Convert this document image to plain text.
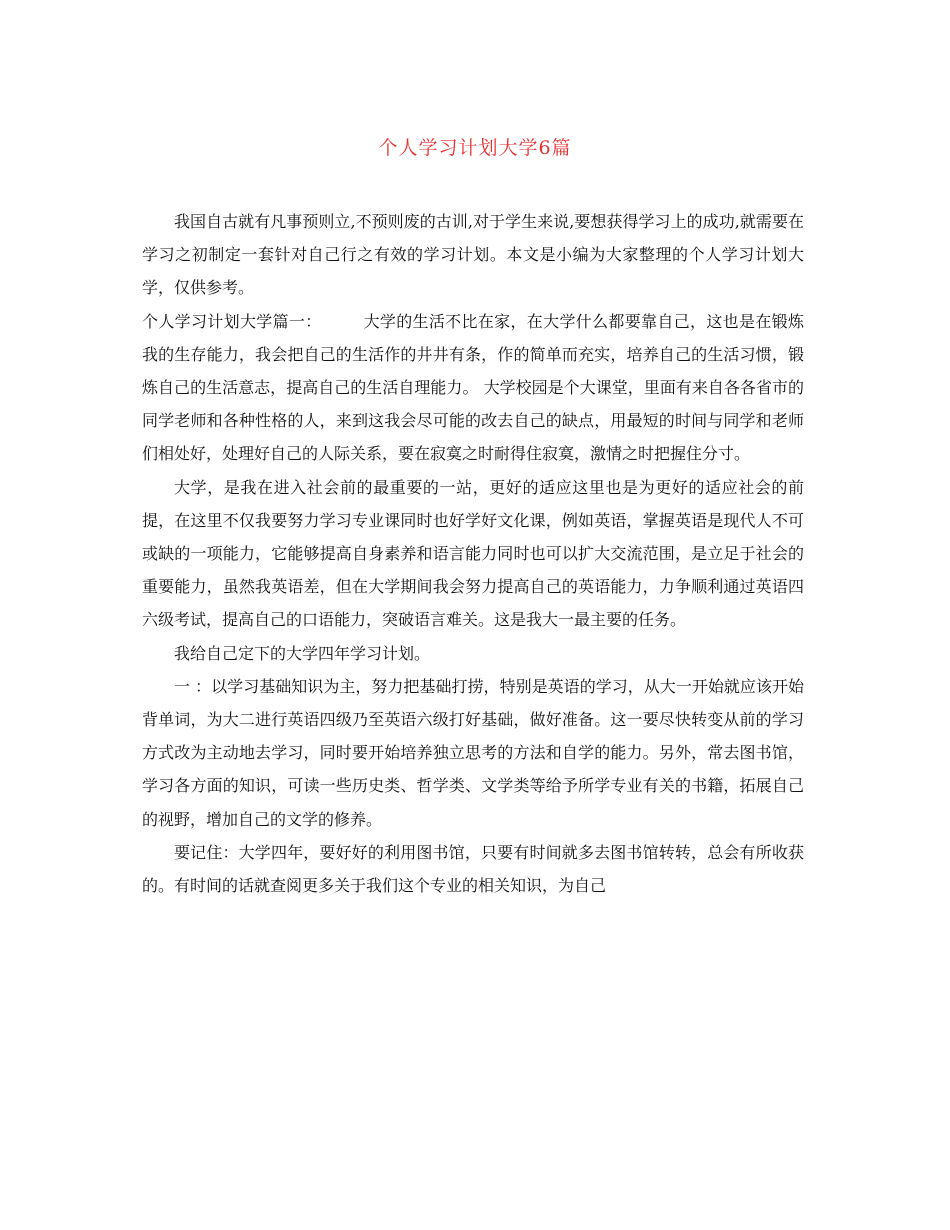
个人学习计划大学6篇

我国自古就有凡事预则立,不预则废的古训,对于学生来说,要想获得学习上的成功,就需要在学习之初制定一套针对自己行之有效的学习计划。本文是小编为大家整理的个人学习计划大学，仅供参考。

个人学习计划大学篇一：	大学的生活不比在家，在大学什么都要靠自己，这也是在锻炼我的生存能力，我会把自己的生活作的井井有条，作的简单而充实，培养自己的生活习惯，锻炼自己的生活意志，提高自己的生活自理能力。 大学校园是个大课堂，里面有来自各各省市的同学老师和各种性格的人，来到这我会尽可能的改去自己的缺点，用最短的时间与同学和老师们相处好，处理好自己的人际关系，要在寂寞之时耐得住寂寞，激情之时把握住分寸。

大学，是我在进入社会前的最重要的一站，更好的适应这里也是为更好的适应社会的前提，在这里不仅我要努力学习专业课同时也好学好文化课，例如英语，掌握英语是现代人不可或缺的一项能力，它能够提高自身素养和语言能力同时也可以扩大交流范围，是立足于社会的重要能力，虽然我英语差，但在大学期间我会努力提高自己的英语能力，力争顺利通过英语四六级考试，提高自己的口语能力，突破语言难关。这是我大一最主要的任务。

我给自己定下的大学四年学习计划。

一 ：以学习基础知识为主，努力把基础打捞，特别是英语的学习，从大一开始就应该开始背单词，为大二进行英语四级乃至英语六级打好基础，做好准备。这一要尽快转变从前的学习方式改为主动地去学习，同时要开始培养独立思考的方法和自学的能力。另外，常去图书馆，学习各方面的知识，可读一些历史类、哲学类、文学类等给予所学专业有关的书籍，拓展自己的视野，增加自己的文学的修养。

要记住：大学四年，要好好的利用图书馆，只要有时间就多去图书馆转转，总会有所收获的。有时间的话就查阅更多关于我们这个专业的相关知识，为自己
